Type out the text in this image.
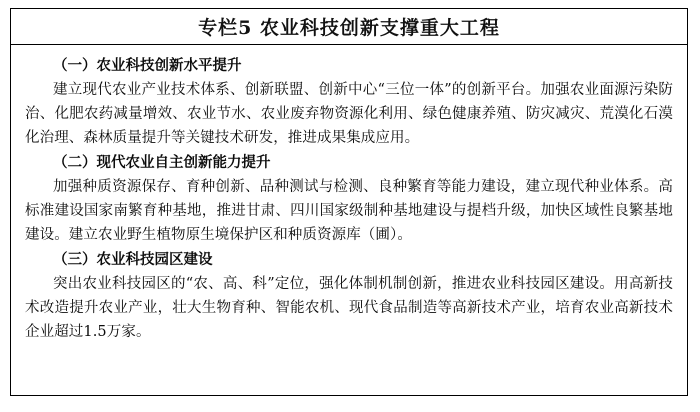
专栏5 农业科技创新支撑重大工程
（一）农业科技创新水平提升
建立现代农业产业技术体系、创新联盟、创新中心“三位一体”的创新平台。加强农业面源污染防治、化肥农药减量增效、农业节水、农业废弃物资源化利用、绿色健康养殖、防灾减灾、荒漠化石漠化治理、森林质量提升等关键技术研发，推进成果集成应用。
（二）现代农业自主创新能力提升
加强种质资源保存、育种创新、品种测试与检测、良种繁育等能力建设，建立现代种业体系。高标准建设国家南繁育种基地，推进甘肃、四川国家级制种基地建设与提档升级，加快区域性良繁基地建设。建立农业野生植物原生境保护区和种质资源库（圃）。
（三）农业科技园区建设
突出农业科技园区的“农、高、科”定位，强化体制机制创新，推进农业科技园区建设。用高新技术改造提升农业产业，壮大生物育种、智能农机、现代食品制造等高新技术产业，培育农业高新技术企业超过1.5万家。
